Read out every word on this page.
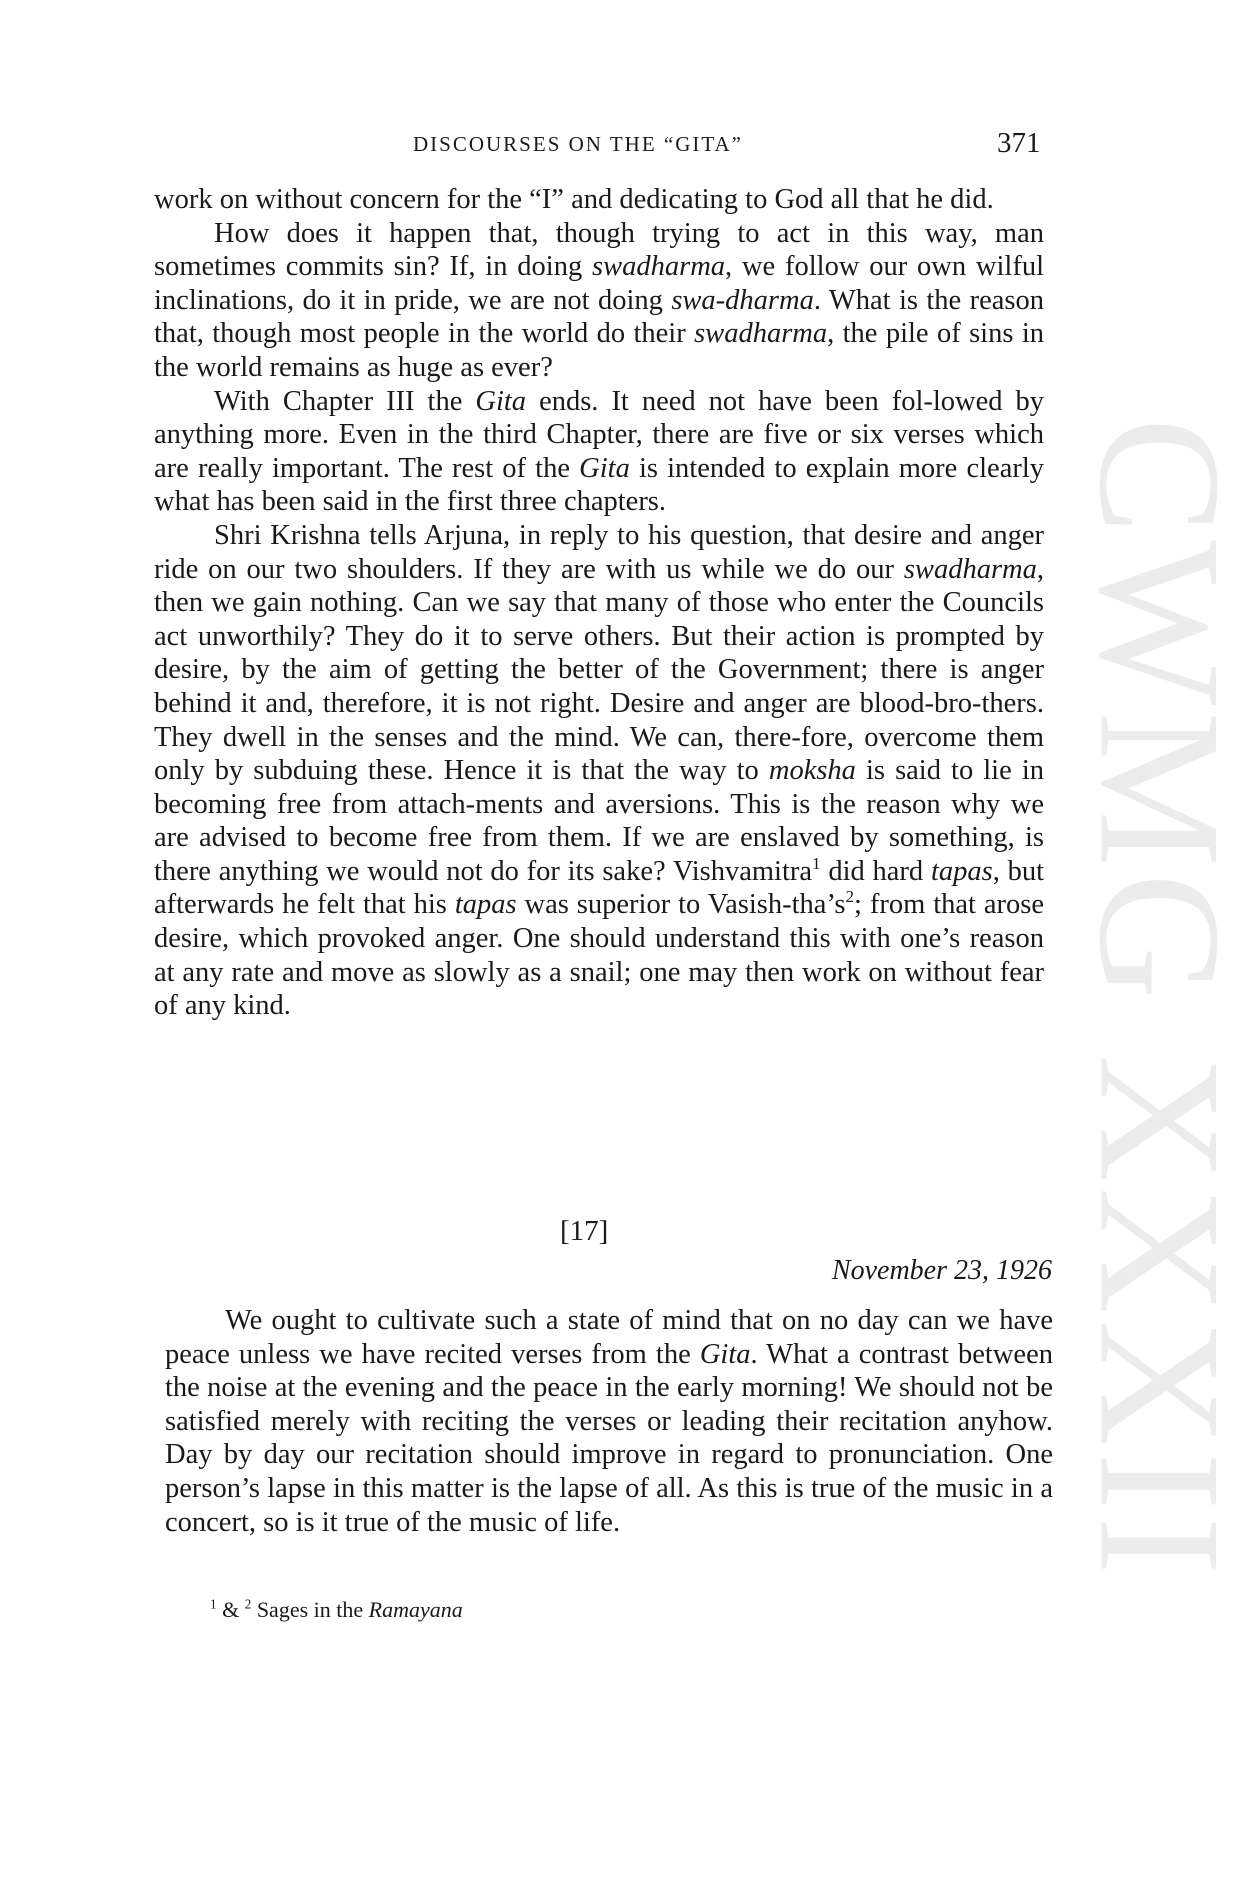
CWMG XXXII
DISCOURSES ON THE “GITA”	371

work on without concern for the “I” and dedicating to God all that he did.

How does it happen that, though trying to act in this way, man sometimes commits sin? If, in doing swadharma, we follow our own wilful inclinations, do it in pride, we are not doing swa-dharma. What is the reason that, though most people in the world do their swadharma, the pile of sins in the world remains as huge as ever?

With Chapter III the Gita ends. It need not have been fol-lowed by anything more. Even in the third Chapter, there are five or six verses which are really important. The rest of the Gita is intended to explain more clearly what has been said in the first three chapters.

Shri Krishna tells Arjuna, in reply to his question, that desire and anger ride on our two shoulders. If they are with us while we do our swadharma, then we gain nothing. Can we say that many of those who enter the Councils act unworthily? They do it to serve others. But their action is prompted by desire, by the aim of getting the better of the Government; there is anger behind it and, therefore, it is not right. Desire and anger are blood-bro-thers. They dwell in the senses and the mind. We can, there-fore, overcome them only by subduing these. Hence it is that the way to moksha is said to lie in becoming free from attach-ments and aversions. This is the reason why we are advised to become free from them. If we are enslaved by something, is there anything we would not do for its sake? Vishvamitra$^1$ did hard tapas, but afterwards he felt that his tapas was superior to Vasish-$tha’s^2$; from that arose desire, which provoked anger. One should understand this with one’s reason at any rate and move as slowly as a snail; one may then work on without fear of any kind.

[17]
November 23, 1926

We ought to cultivate such a state of mind that on no day can we have peace unless we have recited verses from the Gita. What a contrast between the noise at the evening and the peace in the early morning! We should not be satisfied merely with reciting the verses or leading their recitation anyhow. Day by day our recitation should improve in regard to pronunciation. One person’s lapse in this matter is the lapse of all. As this is true of the music in a concert, so is it true of the music of life.

$^1$ & $^2$ Sages in the Ramayana
